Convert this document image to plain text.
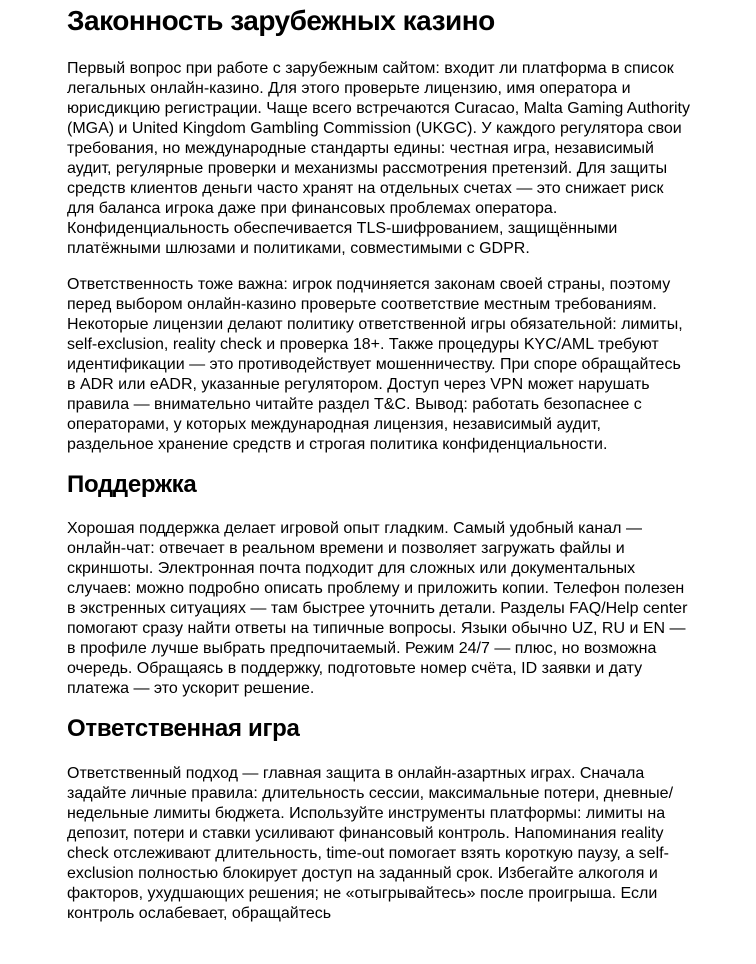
Законность зарубежных казино

Первый вопрос при работе с зарубежным сайтом: входит ли платформа в список легальных онлайн-казино. Для этого проверьте лицензию, имя оператора и юрисдикцию регистрации. Чаще всего встречаются Curacao, Malta Gaming Authority (MGA) и United Kingdom Gambling Commission (UKGC). У каждого регулятора свои требования, но международные стандарты едины: честная игра, независимый аудит, регулярные проверки и механизмы рассмотрения претензий. Для защиты средств клиентов деньги часто хранят на отдельных счетах — это снижает риск для баланса игрока даже при финансовых проблемах оператора. Конфиденциальность обеспечивается TLS-шифрованием, защищёнными платёжными шлюзами и политиками, совместимыми с GDPR.

Ответственность тоже важна: игрок подчиняется законам своей страны, поэтому перед выбором онлайн-казино проверьте соответствие местным требованиям. Некоторые лицензии делают политику ответственной игры обязательной: лимиты, self-exclusion, reality check и проверка 18+. Также процедуры KYC/AML требуют идентификации — это противодействует мошенничеству. При споре обращайтесь в ADR или eADR, указанные регулятором. Доступ через VPN может нарушать правила — внимательно читайте раздел T&C. Вывод: работать безопаснее с операторами, у которых международная лицензия, независимый аудит, раздельное хранение средств и строгая политика конфиденциальности.

Поддержка

Хорошая поддержка делает игровой опыт гладким. Самый удобный канал — онлайн-чат: отвечает в реальном времени и позволяет загружать файлы и скриншоты. Электронная почта подходит для сложных или документальных случаев: можно подробно описать проблему и приложить копии. Телефон полезен в экстренных ситуациях — там быстрее уточнить детали. Разделы FAQ/Help center помогают сразу найти ответы на типичные вопросы. Языки обычно UZ, RU и EN — в профиле лучше выбрать предпочитаемый. Режим 24/7 — плюс, но возможна очередь. Обращаясь в поддержку, подготовьте номер счёта, ID заявки и дату платежа — это ускорит решение.

Ответственная игра

Ответственный подход — главная защита в онлайн-азартных играх. Сначала задайте личные правила: длительность сессии, максимальные потери, дневные/недельные лимиты бюджета. Используйте инструменты платформы: лимиты на депозит, потери и ставки усиливают финансовый контроль. Напоминания reality check отслеживают длительность, time-out помогает взять короткую паузу, а self-exclusion полностью блокирует доступ на заданный срок. Избегайте алкоголя и факторов, ухудшающих решения; не «отыгрывайтесь» после проигрыша. Если контроль ослабевает, обращайтесь
